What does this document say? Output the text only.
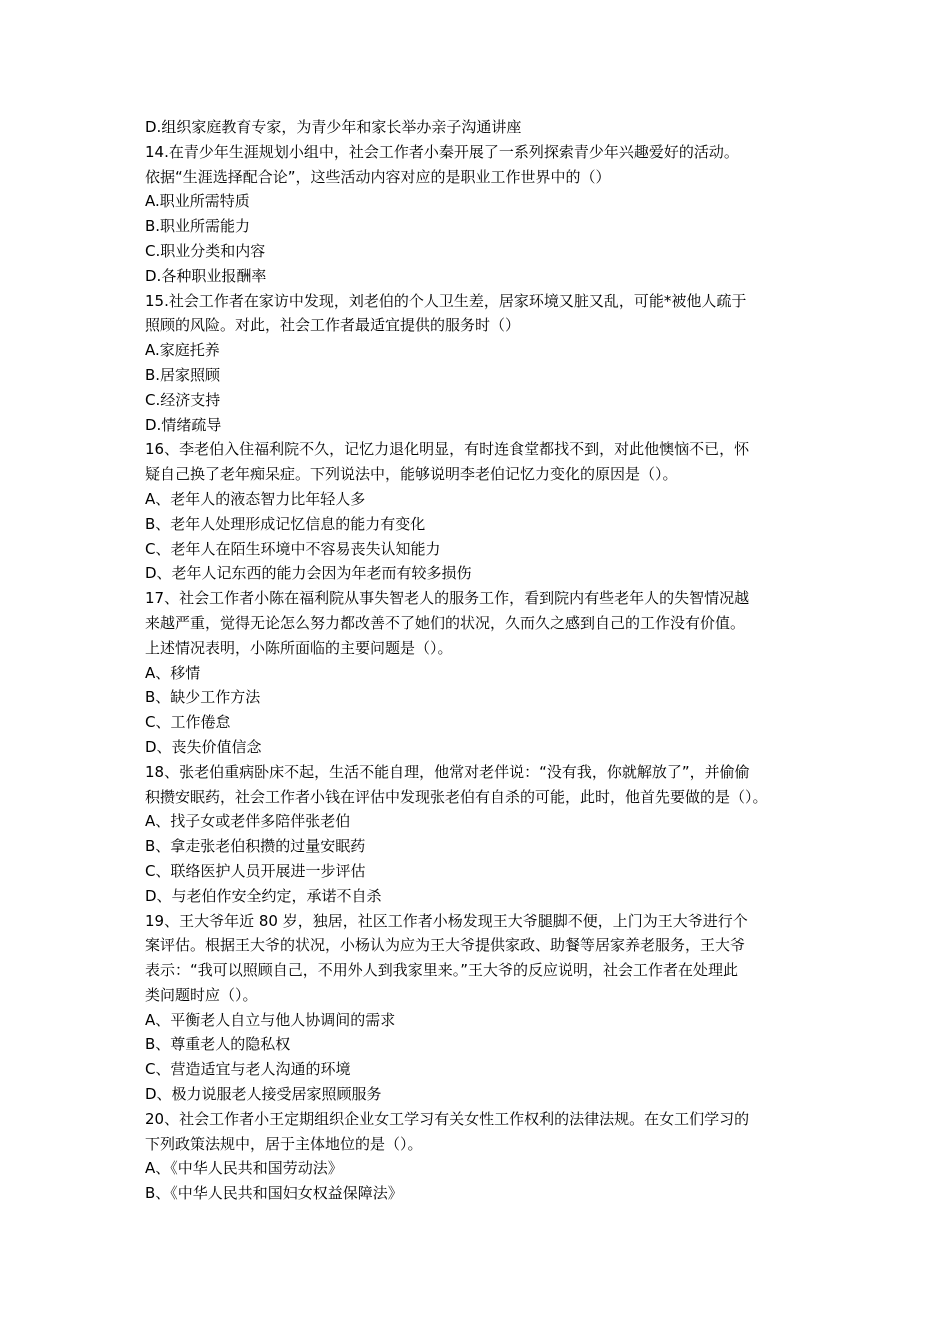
D.组织家庭教育专家，为青少年和家长举办亲子沟通讲座
14.在青少年生涯规划小组中，社会工作者小秦开展了一系列探索青少年兴趣爱好的活动。
依据“生涯选择配合论”，这些活动内容对应的是职业工作世界中的（）
A.职业所需特质
B.职业所需能力
C.职业分类和内容
D.各种职业报酬率
15.社会工作者在家访中发现，刘老伯的个人卫生差，居家环境又脏又乱，可能*被他人疏于
照顾的风险。对此，社会工作者最适宜提供的服务时（）
A.家庭托养
B.居家照顾
C.经济支持
D.情绪疏导
16、李老伯入住福利院不久，记忆力退化明显，有时连食堂都找不到，对此他懊恼不已，怀
疑自己换了老年痴呆症。下列说法中，能够说明李老伯记忆力变化的原因是（）。
A、老年人的液态智力比年轻人多
B、老年人处理形成记忆信息的能力有变化
C、老年人在陌生环境中不容易丧失认知能力
D、老年人记东西的能力会因为年老而有较多损伤
17、社会工作者小陈在福利院从事失智老人的服务工作，看到院内有些老年人的失智情况越
来越严重，觉得无论怎么努力都改善不了她们的状况，久而久之感到自己的工作没有价值。
上述情况表明，小陈所面临的主要问题是（）。
A、移情
B、缺少工作方法
C、工作倦怠
D、丧失价值信念
18、张老伯重病卧床不起，生活不能自理，他常对老伴说：“没有我，你就解放了”，并偷偷
积攒安眠药，社会工作者小钱在评估中发现张老伯有自杀的可能，此时，他首先要做的是（）。
A、找子女或老伴多陪伴张老伯
B、拿走张老伯积攒的过量安眠药
C、联络医护人员开展进一步评估
D、与老伯作安全约定，承诺不自杀
19、王大爷年近 80 岁，独居，社区工作者小杨发现王大爷腿脚不便，上门为王大爷进行个
案评估。根据王大爷的状况，小杨认为应为王大爷提供家政、助餐等居家养老服务，王大爷
表示：“我可以照顾自己，不用外人到我家里来。”王大爷的反应说明，社会工作者在处理此
类问题时应（）。
A、平衡老人自立与他人协调间的需求
B、尊重老人的隐私权
C、营造适宜与老人沟通的环境
D、极力说服老人接受居家照顾服务
20、社会工作者小王定期组织企业女工学习有关女性工作权利的法律法规。在女工们学习的
下列政策法规中，居于主体地位的是（）。
A、《中华人民共和国劳动法》
B、《中华人民共和国妇女权益保障法》
